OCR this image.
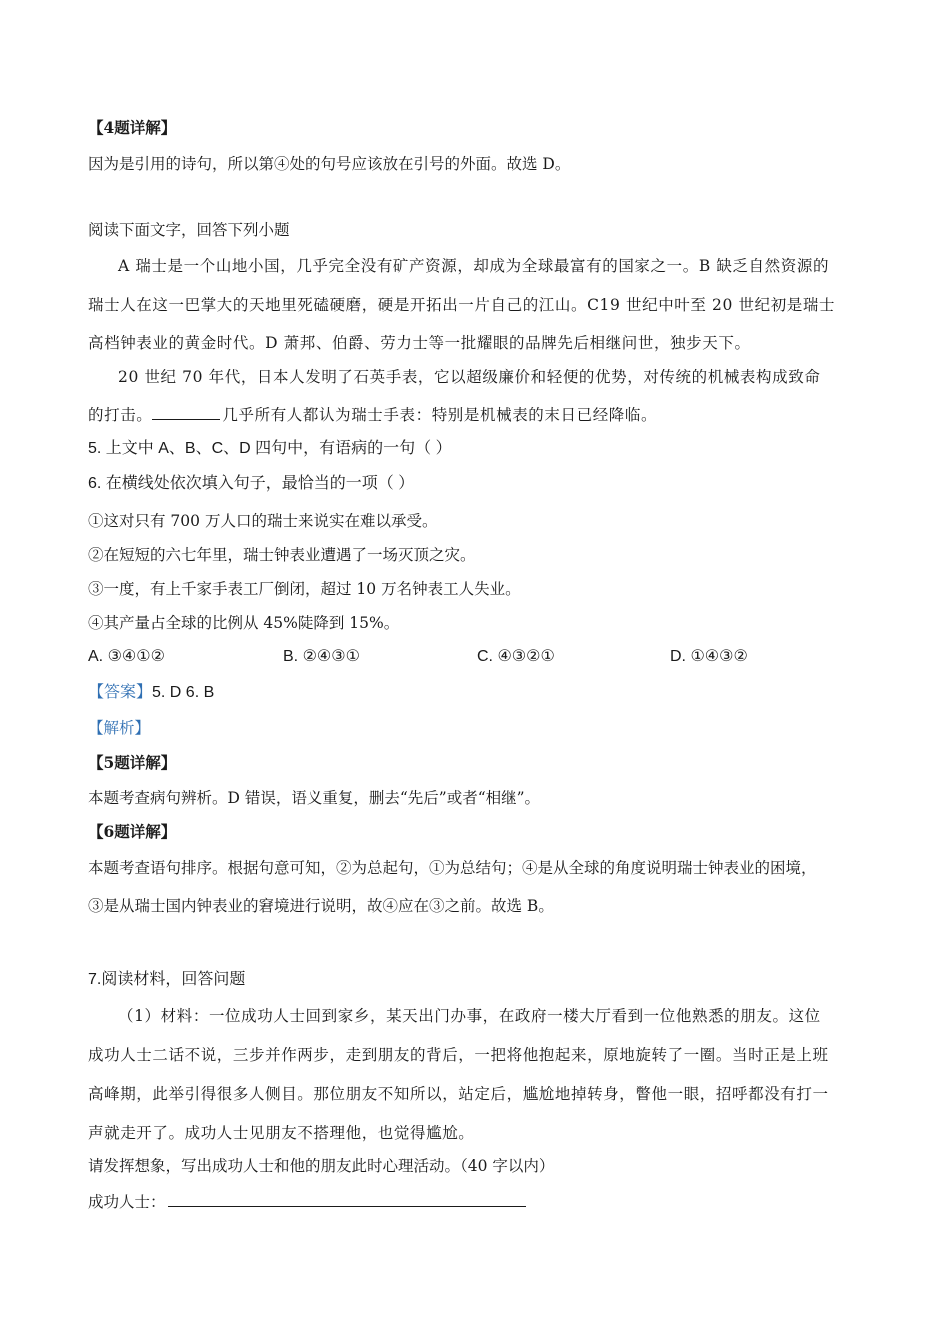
【4题详解】
因为是引用的诗句，所以第④处的句号应该放在引号的外面。故选 D。
阅读下面文字，回答下列小题
A 瑞士是一个山地小国，几乎完全没有矿产资源，却成为全球最富有的国家之一。B 缺乏自然资源的
瑞士人在这一巴掌大的天地里死磕硬磨，硬是开拓出一片自己的江山。C19 世纪中叶至 20 世纪初是瑞士
高档钟表业的黄金时代。D 萧邦、伯爵、劳力士等一批耀眼的品牌先后相继问世，独步天下。
20 世纪 70 年代，日本人发明了石英手表，它以超级廉价和轻便的优势，对传统的机械表构成致命
的打击。	几乎所有人都认为瑞士手表：特别是机械表的末日已经降临。
5. 上文中 A、B、C、D 四句中，有语病的一句（ ）
6. 在横线处依次填入句子，最恰当的一项（ ）
①这对只有 700 万人口的瑞士来说实在难以承受。
②在短短的六七年里，瑞士钟表业遭遇了一场灭顶之灾。
③一度，有上千家手表工厂倒闭，超过 10 万名钟表工人失业。
④其产量占全球的比例从 45%陡降到 15%。
A. ③④①②	B. ②④③①	C. ④③②①	D. ①④③②
【答案】5. D 6. B
【解析】
【5题详解】
本题考查病句辨析。D 错误，语义重复，删去“先后”或者“相继”。
【6题详解】
本题考查语句排序。根据句意可知，②为总起句，①为总结句；④是从全球的角度说明瑞士钟表业的困境，
③是从瑞士国内钟表业的窘境进行说明，故④应在③之前。故选 B。
7.阅读材料，回答问题
（1）材料：一位成功人士回到家乡，某天出门办事，在政府一楼大厅看到一位他熟悉的朋友。这位
成功人士二话不说，三步并作两步，走到朋友的背后，一把将他抱起来，原地旋转了一圈。当时正是上班
高峰期，此举引得很多人侧目。那位朋友不知所以，站定后，尴尬地掉转身，瞥他一眼，招呼都没有打一
声就走开了。成功人士见朋友不搭理他，也觉得尴尬。
请发挥想象，写出成功人士和他的朋友此时心理活动。（40 字以内）
成功人士：
